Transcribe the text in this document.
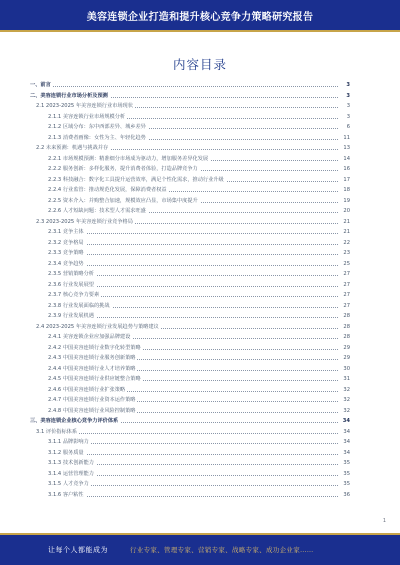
美容连锁企业打造和提升核心竞争力策略研究报告
内容目录
一、前言	3
二、美容连锁行业市场分析及预测	3
2.1 2023-2025 年美容连锁行业市场现状	3
2.1.1 美容连锁行业市场规模分析	3
2.1.2 区域分布：东中西部差异、城乡差异	6
2.1.3 消费者画像：女性为主、年轻化趋势	11
2.2 未来预测：机遇与挑战并存	13
2.2.1 市场规模预测：精准细分市场成为驱动力，增加服务差异化发展	14
2.2.2 服务创新：多样化服务，提升消费者体验，打造品牌竞争力	16
2.2.3 科技融合：数字化工具提升运营效率，满足个性化需求，推动行业升级	17
2.2.4 行业监管：推动规范化发展，保障消费者权益	18
2.2.5 资本介入：并购整合加速，规模效应凸显，市场集中度提升	19
2.2.6 人才短缺问题：技术型人才需求旺盛	20
2.3 2023-2025 年美容连锁行业竞争格局	21
2.3.1 竞争主体	21
2.3.2 竞争格局	22
2.3.3 竞争策略	23
2.3.4 竞争趋势	25
2.3.5 营销策略分析	27
2.3.6 行业发展展望	27
2.3.7 核心竞争力要素	27
2.3.8 行业发展面临的挑战	27
2.3.9 行业发展机遇	28
2.4 2023-2025 年美容连锁行业发展趋势与策略建议	28
2.4.1 美容连锁企业应加强品牌建设	28
2.4.2 中国美容连锁行业数字化转型策略	29
2.4.3 中国美容连锁行业服务创新策略	29
2.4.4 中国美容连锁行业人才培养策略	30
2.4.5 中国美容连锁行业供应链整合策略	31
2.4.6 中国美容连锁行业扩张策略	32
2.4.7 中国美容连锁行业资本运作策略	32
2.4.8 中国美容连锁行业风险控制策略	32
三、美容连锁企业核心竞争力评价体系	34
3.1 评价指标体系	34
3.1.1 品牌影响力	34
3.1.2 服务质量	34
3.1.3 技术创新能力	35
3.1.4 运营管理能力	35
3.1.5 人才竞争力	35
3.1.6 客户粘性	36
1
让每个人都能成为	行业专家、管理专家、营销专家、战略专家、成功企业家……
